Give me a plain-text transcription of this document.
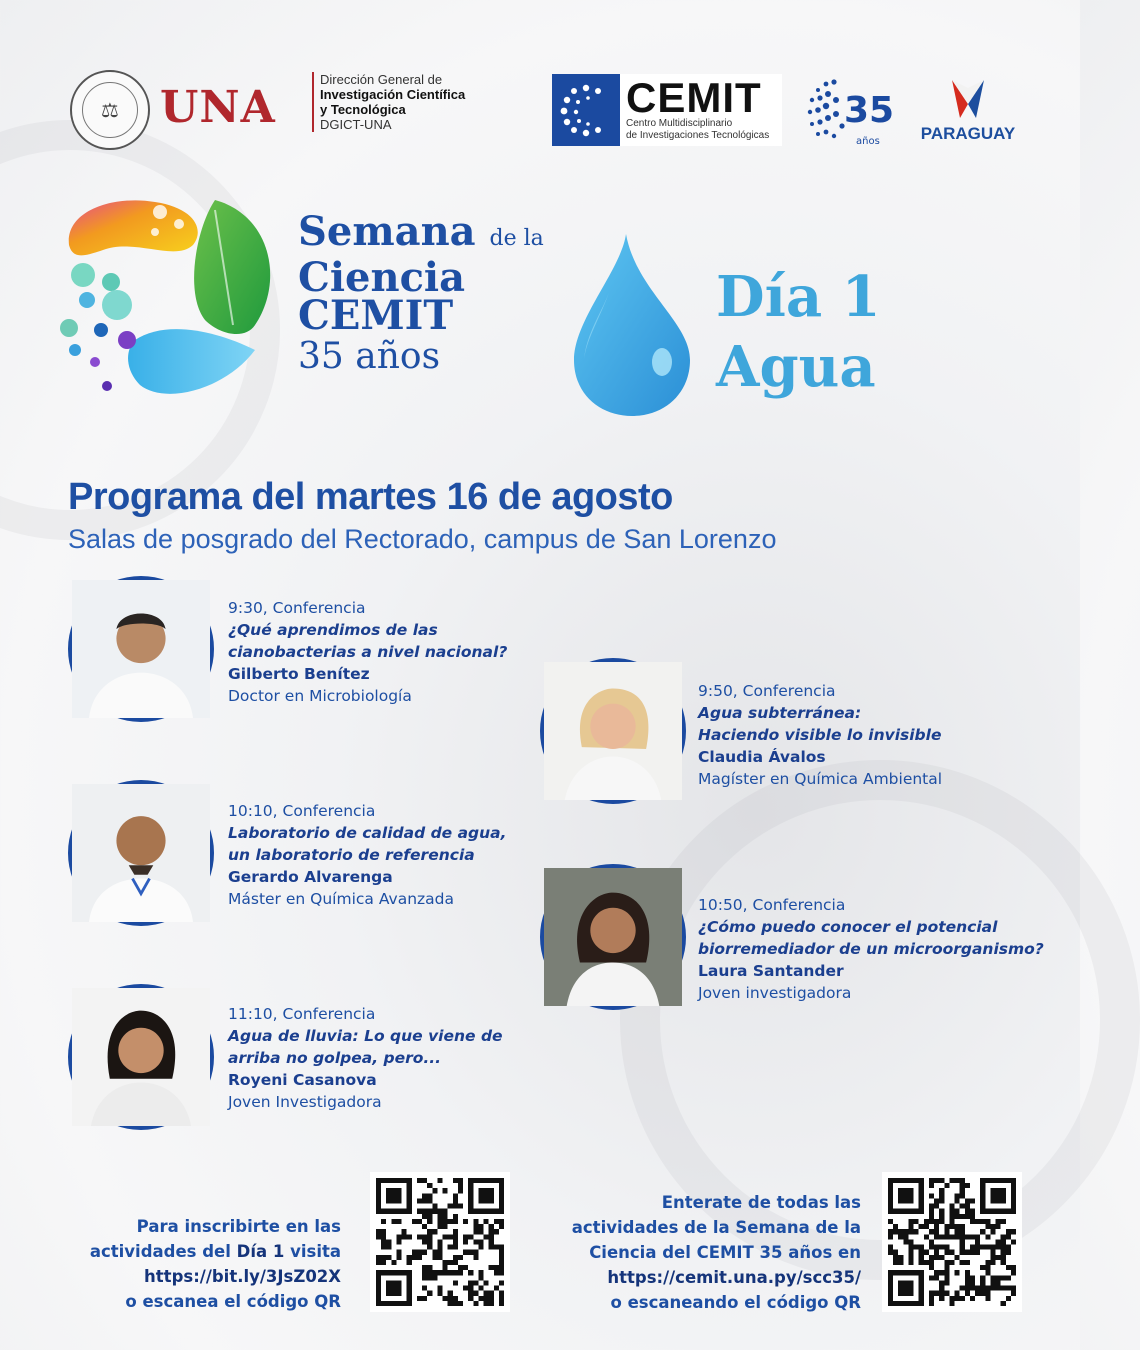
⚖ UNA
Dirección General de
Investigación Científica
y Tecnológica
DGICT-UNA
CEMIT
Centro Multidisciplinario
de Investigaciones Tecnológicas
35
años PARAGUAY
Semana de la
Ciencia
CEMIT
35 años
Día 1
Agua
Programa del martes 16 de agosto
Salas de posgrado del Rectorado, campus de San Lorenzo
9:30, Conferencia
¿Qué aprendimos de las
cianobacterias a nivel nacional?
Gilberto Benítez
Doctor en Microbiología	9:50, Conferencia
Agua subterránea:
Haciendo visible lo invisible
Claudia Ávalos
Magíster en Química Ambiental
10:10, Conferencia
Laboratorio de calidad de agua,
un laboratorio de referencia
Gerardo Alvarenga
Máster en Química Avanzada	10:50, Conferencia
¿Cómo puedo conocer el potencial
biorremediador de un microorganismo?
Laura Santander
Joven investigadora
11:10, Conferencia
Agua de lluvia: Lo que viene de
arriba no golpea, pero...
Royeni Casanova
Joven Investigadora
Para inscribirte en las
actividades del Día 1 visita
https://bit.ly/3JsZ02X
o escanea el código QR
Enterate de todas las
actividades de la Semana de la
Ciencia del CEMIT 35 años en
https://cemit.una.py/scc35/
o escaneando el código QR
